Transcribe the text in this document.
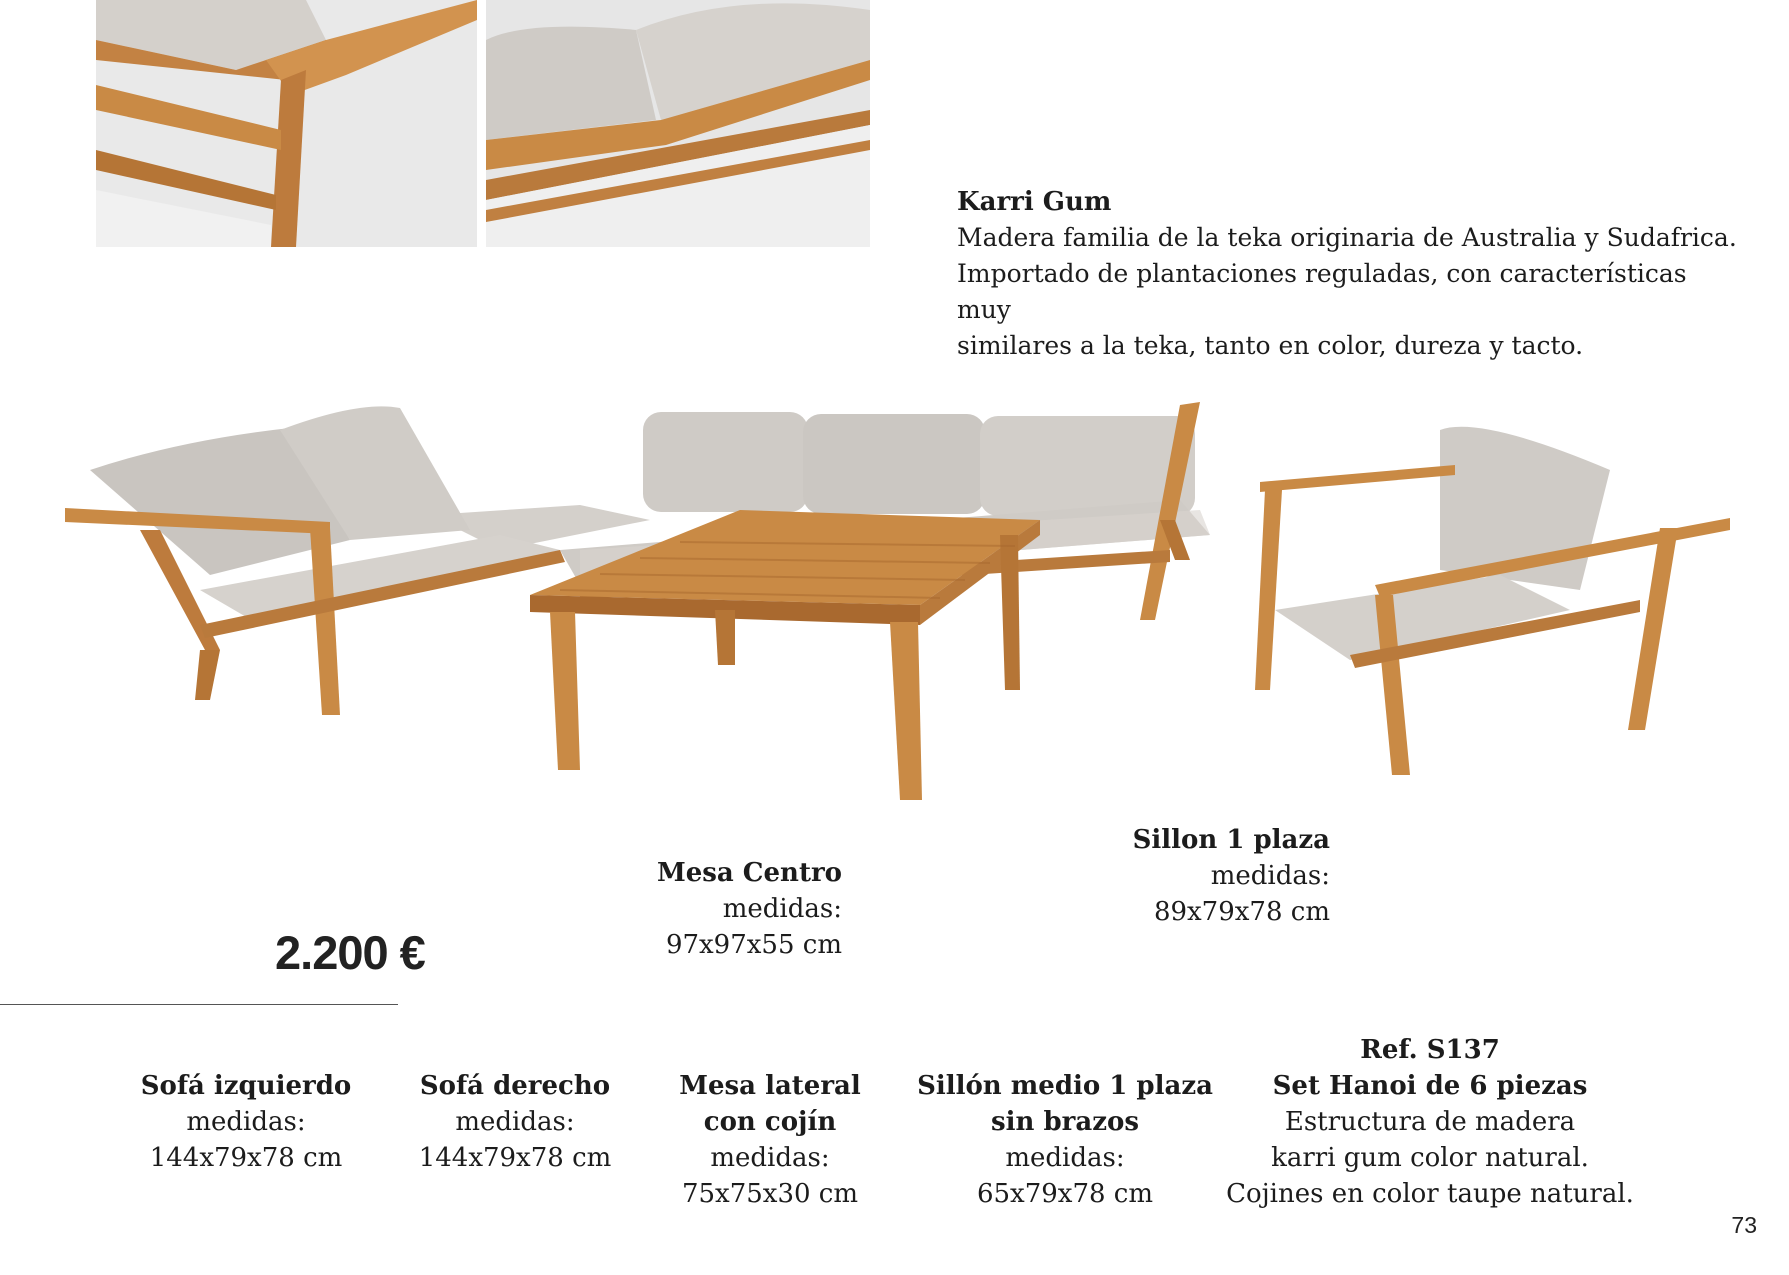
Karri Gum
Madera familia de la teka originaria de Australia y Sudafrica.
Importado de plantaciones reguladas, con características muy
similares a la teka, tanto en color, dureza y tacto.
Mesa Centro
medidas:
97x97x55 cm
Sillon 1 plaza
medidas:
89x79x78 cm
2.200 €
Sofá izquierdo
medidas:
144x79x78 cm
Sofá derecho
medidas:
144x79x78 cm
Mesa lateral
con cojín
medidas:
75x75x30 cm
Sillón medio 1 plaza
sin brazos
medidas:
65x79x78 cm
Ref. S137
Set Hanoi de 6 piezas
Estructura de madera
karri gum color natural.
Cojines en color taupe natural.
73
